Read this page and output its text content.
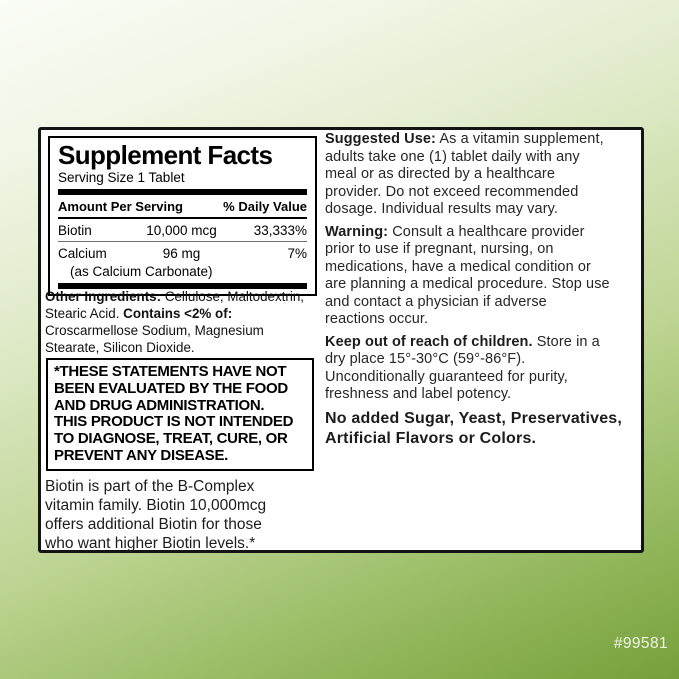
Supplement Facts
Serving Size 1 Tablet
Amount Per Serving	% Daily Value
Biotin	10,000 mcg	33,333%
Calcium	96 mg	7%
(as Calcium Carbonate)
Other Ingredients: Cellulose, Maltodextrin,
Stearic Acid. Contains <2% of:
Croscarmellose Sodium, Magnesium
Stearate, Silicon Dioxide.
*THESE STATEMENTS HAVE NOT
BEEN EVALUATED BY THE FOOD
AND DRUG ADMINISTRATION.
THIS PRODUCT IS NOT INTENDED
TO DIAGNOSE, TREAT, CURE, OR
PREVENT ANY DISEASE.
Biotin is part of the B-Complex
vitamin family. Biotin 10,000mcg
offers additional Biotin for those
who want higher Biotin levels.*
Suggested Use: As a vitamin supplement,
adults take one (1) tablet daily with any
meal or as directed by a healthcare
provider. Do not exceed recommended
dosage. Individual results may vary.
Warning: Consult a healthcare provider
prior to use if pregnant, nursing, on
medications, have a medical condition or
are planning a medical procedure. Stop use
and contact a physician if adverse
reactions occur.
Keep out of reach of children. Store in a
dry place 15°-30°C (59°-86°F).
Unconditionally guaranteed for purity,
freshness and label potency.
No added Sugar, Yeast, Preservatives,
Artificial Flavors or Colors.
#99581
